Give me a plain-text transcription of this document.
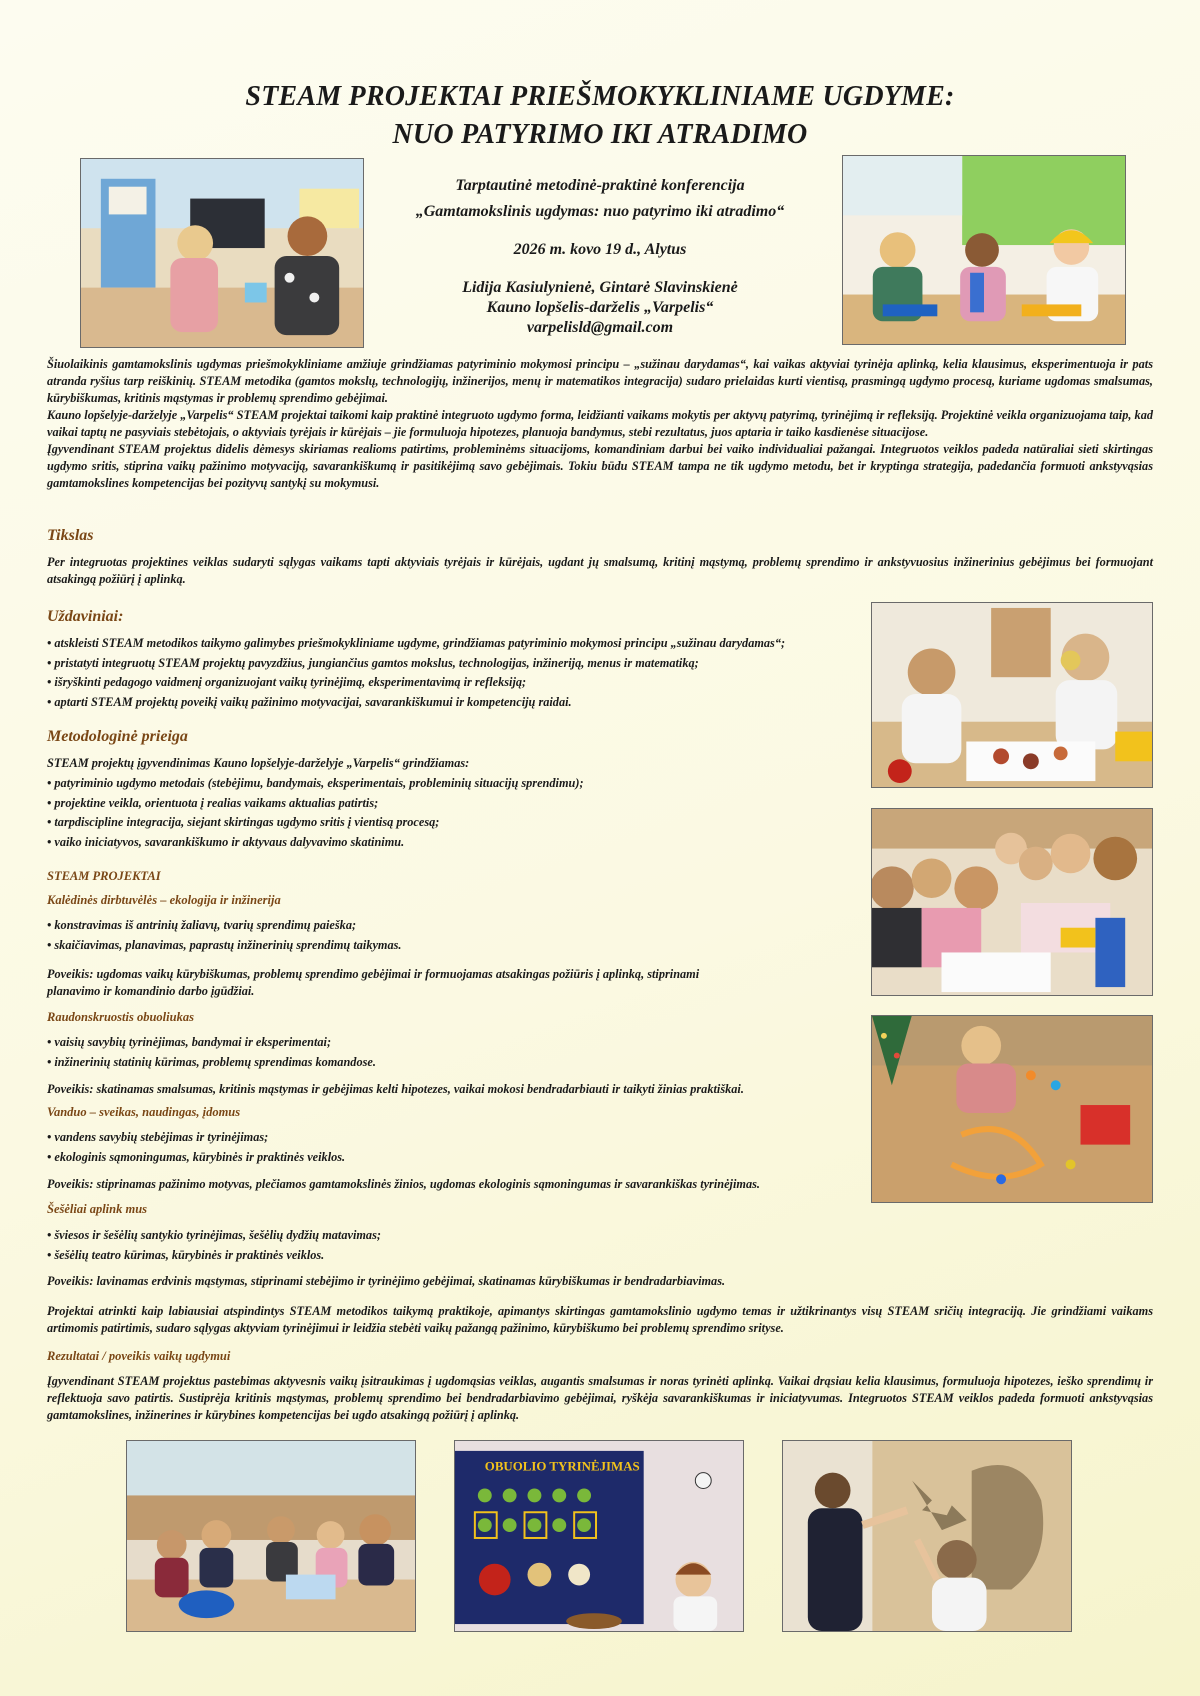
STEAM PROJEKTAI PRIEŠMOKYKLINIAME UGDYME:
NUO PATYRIMO IKI ATRADIMO
Tarptautinė metodinė-praktinė konferencija
„Gamtamokslinis ugdymas: nuo patyrimo iki atradimo“
2026 m. kovo 19 d., Alytus
Lidija Kasiulynienė, Gintarė Slavinskienė
Kauno lopšelis-darželis „Varpelis“
varpelisld@gmail.com

Šiuolaikinis gamtamokslinis ugdymas priešmokykliniame amžiuje grindžiamas patyriminio mokymosi principu – „sužinau darydamas“, kai vaikas aktyviai tyrinėja aplinką, kelia klausimus, eksperimentuoja ir pats atranda ryšius tarp reiškinių. STEAM metodika (gamtos mokslų, technologijų, inžinerijos, menų ir matematikos integracija) sudaro prielaidas kurti vientisą, prasmingą ugdymo procesą, kuriame ugdomas smalsumas, kūrybiškumas, kritinis mąstymas ir problemų sprendimo gebėjimai.

Kauno lopšelyje-darželyje „Varpelis“ STEAM projektai taikomi kaip praktinė integruoto ugdymo forma, leidžianti vaikams mokytis per aktyvų patyrimą, tyrinėjimą ir refleksiją. Projektinė veikla organizuojama taip, kad vaikai taptų ne pasyviais stebėtojais, o aktyviais tyrėjais ir kūrėjais – jie formuluoja hipotezes, planuoja bandymus, stebi rezultatus, juos aptaria ir taiko kasdienėse situacijose.

Įgyvendinant STEAM projektus didelis dėmesys skiriamas realioms patirtims, probleminėms situacijoms, komandiniam darbui bei vaiko individualiai pažangai. Integruotos veiklos padeda natūraliai sieti skirtingas ugdymo sritis, stiprina vaikų pažinimo motyvaciją, savarankiškumą ir pasitikėjimą savo gebėjimais. Tokiu būdu STEAM tampa ne tik ugdymo metodu, bet ir kryptinga strategija, padedančia formuoti ankstyvąsias gamtamokslines kompetencijas bei pozityvų santykį su mokymusi.

Tikslas
Per integruotas projektines veiklas sudaryti sąlygas vaikams tapti aktyviais tyrėjais ir kūrėjais, ugdant jų smalsumą, kritinį mąstymą, problemų sprendimo ir ankstyvuosius inžinerinius gebėjimus bei formuojant atsakingą požiūrį į aplinką.
Uždaviniai:
• atskleisti STEAM metodikos taikymo galimybes priešmokykliniame ugdyme, grindžiamas patyriminio mokymosi principu „sužinau darydamas“;
• pristatyti integruotų STEAM projektų pavyzdžius, jungiančius gamtos mokslus, technologijas, inžineriją, menus ir matematiką;
• išryškinti pedagogo vaidmenį organizuojant vaikų tyrinėjimą, eksperimentavimą ir refleksiją;
• aptarti STEAM projektų poveikį vaikų pažinimo motyvacijai, savarankiškumui ir kompetencijų raidai.
Metodologinė prieiga
STEAM projektų įgyvendinimas Kauno lopšelyje-darželyje „Varpelis“ grindžiamas:
• patyriminio ugdymo metodais (stebėjimu, bandymais, eksperimentais, probleminių situacijų sprendimu);
• projektine veikla, orientuota į realias vaikams aktualias patirtis;
• tarpdiscipline integracija, siejant skirtingas ugdymo sritis į vientisą procesą;
• vaiko iniciatyvos, savarankiškumo ir aktyvaus dalyvavimo skatinimu.
STEAM PROJEKTAI
Kalėdinės dirbtuvėlės – ekologija ir inžinerija
• konstravimas iš antrinių žaliavų, tvarių sprendimų paieška;
• skaičiavimas, planavimas, paprastų inžinerinių sprendimų taikymas.
Poveikis: ugdomas vaikų kūrybiškumas, problemų sprendimo gebėjimai ir formuojamas atsakingas požiūris į aplinką, stiprinami planavimo ir komandinio darbo įgūdžiai.
Raudonskruostis obuoliukas
• vaisių savybių tyrinėjimas, bandymai ir eksperimentai;
• inžinerinių statinių kūrimas, problemų sprendimas komandose.
Poveikis: skatinamas smalsumas, kritinis mąstymas ir gebėjimas kelti hipotezes, vaikai mokosi bendradarbiauti ir taikyti žinias praktiškai.
Vanduo – sveikas, naudingas, įdomus
• vandens savybių stebėjimas ir tyrinėjimas;
• ekologinis sąmoningumas, kūrybinės ir praktinės veiklos.
Poveikis: stiprinamas pažinimo motyvas, plečiamos gamtamokslinės žinios, ugdomas ekologinis sąmoningumas ir savarankiškas tyrinėjimas.
Šešėliai aplink mus
• šviesos ir šešėlių santykio tyrinėjimas, šešėlių dydžių matavimas;
• šešėlių teatro kūrimas, kūrybinės ir praktinės veiklos.
Poveikis: lavinamas erdvinis mąstymas, stiprinami stebėjimo ir tyrinėjimo gebėjimai, skatinamas kūrybiškumas ir bendradarbiavimas.
Projektai atrinkti kaip labiausiai atspindintys STEAM metodikos taikymą praktikoje, apimantys skirtingas gamtamokslinio ugdymo temas ir užtikrinantys visų STEAM sričių integraciją. Jie grindžiami vaikams artimomis patirtimis, sudaro sąlygas aktyviam tyrinėjimui ir leidžia stebėti vaikų pažangą pažinimo, kūrybiškumo bei problemų sprendimo srityse.
Rezultatai / poveikis vaikų ugdymui
Įgyvendinant STEAM projektus pastebimas aktyvesnis vaikų įsitraukimas į ugdomąsias veiklas, augantis smalsumas ir noras tyrinėti aplinką. Vaikai drąsiau kelia klausimus, formuluoja hipotezes, ieško sprendimų ir reflektuoja savo patirtis. Sustiprėja kritinis mąstymas, problemų sprendimo bei bendradarbiavimo gebėjimai, ryškėja savarankiškumas ir iniciatyvumas. Integruotos STEAM veiklos padeda formuoti ankstyvąsias gamtamokslines, inžinerines ir kūrybines kompetencijas bei ugdo atsakingą požiūrį į aplinką.
OBUOLIO TYRINĖJIMAS
